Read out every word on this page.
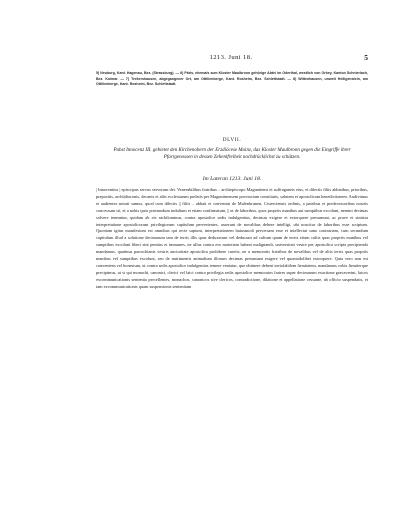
1213. Juni 18.	5

5) Neuburg, Kant. Hagenau, Bez. (Strassburg). — 6) Päris, ehemals zum Kloster Maulbronn gehörige Abtei im Oderthal, westlich von Orbey, Kanton Schnierlach, Bez. Kolmar. — 7) Treitershausen, abgegangener Ort, am Ottilienberge, Kant. Rosheim, Bez. Schlettstadt. — 8) Wittenhausen, unweit Heiligenstein, am Ottilienberge, Kant. Rosheim, Bez. Schlettstadt.

DLVII.
Pabst Innocenz III. gebietet den Kirchenobern der Erzdiöcese Mainz, das Kloster Maulbronn gegen die Eingriffe ihrer Pfarrgenossen in dessen Zehentfreiheit nachdrücklichst zu schützen.
Im Lateran 1213. Juni 18.

| Innocentius | episcopus servus servorum dei. Venerabilibus fratribus .. archiepiscopo Maguntiensi et suffraganeis eius, et dilectis filiis abbatibus, prioribus, prepositis, archi|diaconis, decanis et aliis ecclesiarum prelatis per Maguntinensem provinciam constitutis, salutem et apostolicam benedictionem. Audivimus et audientes mirati sumus, quod cum dilectis || filiis .. abbati et conventui de Mulenbrunen, Cisterciensis ordinis, a patribus et predecessoribus nostris concessum sit, et a nobis ipsis postmodum indultum et etiam confirmatum, || ut de laboribus, quos propriis manibus aut sumptibus excolunt, nemini decimas solvere teneantur, quidam ab eis nichilominus, contra apostolice sedis indulgentias, decimas exigere et extorquere presumunt, ac prave et sinistra interpretatione apostolicorum privilegiorum capitulum pervertentes, asserunt de novalibus debere intelligi, ubi noscitur de laboribus esse scriptum. Quoniam igitur manifestum est omnibus qui recte sapiunt, interpretationem huiusmodi perversam esse et intellectui sano contrariam, cum secundum capitulum illud a solutione decimarum tam de terris illis quas deduxerunt vel deducunt ad cultum quam de terris etiam cultis quas propriis manibus vel sumptibus excolunt liberi sint penitus et immunes, ne ullus contra eos materiam habeat malignandi, universitati vestre per apostolica scripta precipiendo mandamus, quatinus parrochianis vestris auctoritate apostolica prohibere curetis, ne a memoratis fratribus de novalibus vel de aliis terris quas propriis manibus vel sumptibus excolunt, seu de nutrimentis animalium illorum decimas presumant exigere vel quomodolibet extorquere. Quia vero non est conveniens vel honestum, ut contra sedis apostolice indulgentias temere veniatur, que obtinere debent inviolabilem firmitatem, mandamus vobis firmiterque precipimus, ut si qui monachi, canonici, clerici vel laici contra privilegia sedis apostolice memoratos fratres super decimarum exactione gravaverint, laicos excommunicationis sententia percellentes, monachos, canonicos sive clericos, contradictione, dilatione et appellatione cessante, ab officio suspendatis, et tam excommunicationis quam suspensionis sententiam
